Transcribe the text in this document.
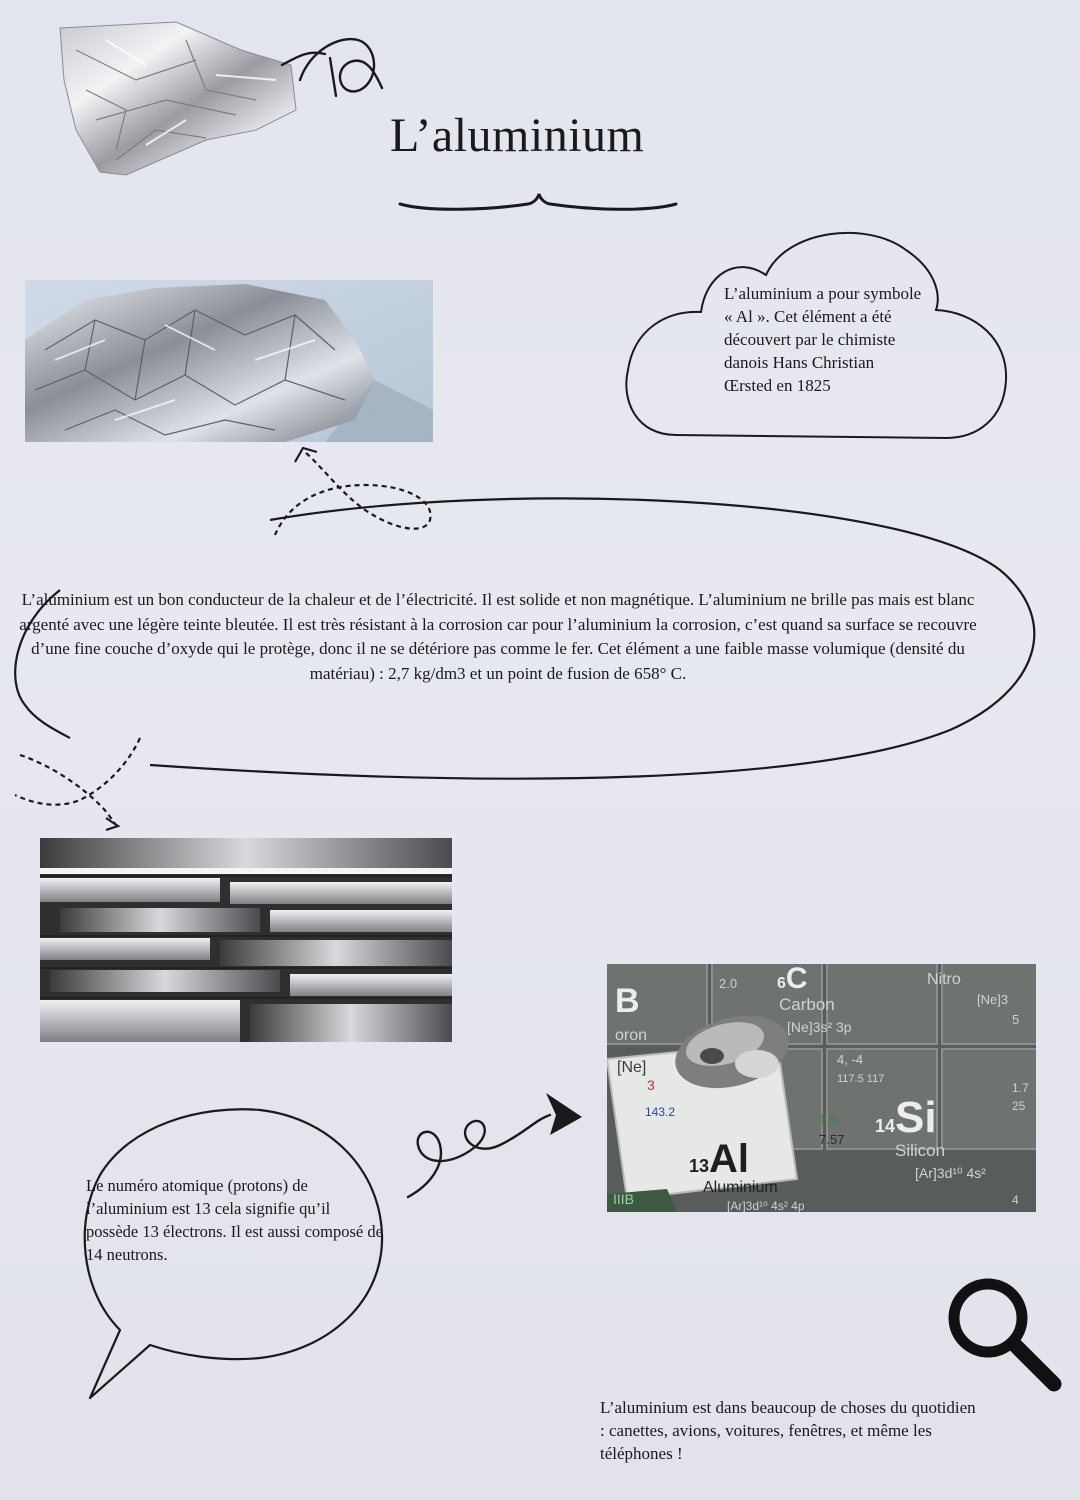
L’aluminium

L’aluminium a pour symbole « Al ». Cet élément a été découvert par le chimiste danois Hans Christian Œrsted en 1825

L’aluminium est un bon conducteur de la chaleur et de l’électricité. Il est solide et non magnétique. L’aluminium ne brille pas mais est blanc argenté avec une légère teinte bleutée. Il est très résistant à la corrosion car pour l’aluminium la corrosion, c’est quand sa surface se recouvre d’une fine couche d’oxyde qui le protège, donc il ne se détériore pas comme le fer. Cet élément a une faible masse volumique (densité du matériau) : 2,7 kg/dm3 et un point de fusion de 658° C.

B
oron
2.0 6C
Carbon
[Ne]3s² 3p
4, -4
117.5 117
Nitro
[Ne]3
5
1.7
25
4
[Ne]
3
143.2	1.5
7.57
13Al
Aluminium
IIIB
14Si
Silicon
[Ar]3d¹⁰ 4s²
[Ar]3d¹⁰ 4s² 4p

Le numéro atomique (protons) de l’aluminium est 13 cela signifie qu’il possède 13 électrons. Il est aussi composé de 14 neutrons.

L’aluminium est dans beaucoup de choses du quotidien : canettes, avions, voitures, fenêtres, et même les téléphones !
